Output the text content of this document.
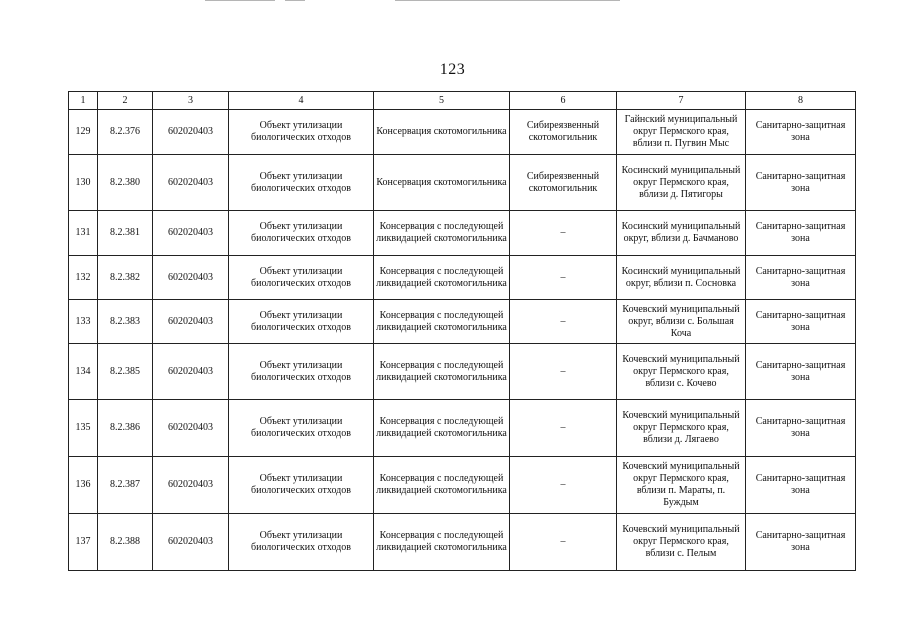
123
1	2	3	4	5	6	7	8
129	8.2.376	602020403	Объект утилизации биологических отходов	Консервация скотомогильника	Сибиреязвенный скотомогильник	Гайнский муниципальный округ Пермского края, вблизи п. Пугвин Мыс	Санитарно-защитная зона
130	8.2.380	602020403	Объект утилизации биологических отходов	Консервация скотомогильника	Сибиреязвенный скотомогильник	Косинский муниципальный округ Пермского края, вблизи д. Пятигоры	Санитарно-защитная зона
131	8.2.381	602020403	Объект утилизации биологических отходов	Консервация с последующей ликвидацией скотомогильника	–	Косинский муниципальный округ, вблизи д. Бачманово	Санитарно-защитная зона
132	8.2.382	602020403	Объект утилизации биологических отходов	Консервация с последующей ликвидацией скотомогильника	–	Косинский муниципальный округ, вблизи п. Сосновка	Санитарно-защитная зона
133	8.2.383	602020403	Объект утилизации биологических отходов	Консервация с последующей ликвидацией скотомогильника	–	Кочевский муниципальный округ, вблизи с. Большая Коча	Санитарно-защитная зона
134	8.2.385	602020403	Объект утилизации биологических отходов	Консервация с последующей ликвидацией скотомогильника	–	Кочевский муниципальный округ Пермского края, вблизи с. Кочево	Санитарно-защитная зона
135	8.2.386	602020403	Объект утилизации биологических отходов	Консервация с последующей ликвидацией скотомогильника	–	Кочевский муниципальный округ Пермского края, вблизи д. Лягаево	Санитарно-защитная зона
136	8.2.387	602020403	Объект утилизации биологических отходов	Консервация с последующей ликвидацией скотомогильника	–	Кочевский муниципальный округ Пермского края, вблизи п. Мараты, п. Буждым	Санитарно-защитная зона
137	8.2.388	602020403	Объект утилизации биологических отходов	Консервация с последующей ликвидацией скотомогильника	–	Кочевский муниципальный округ Пермского края, вблизи с. Пелым	Санитарно-защитная зона
